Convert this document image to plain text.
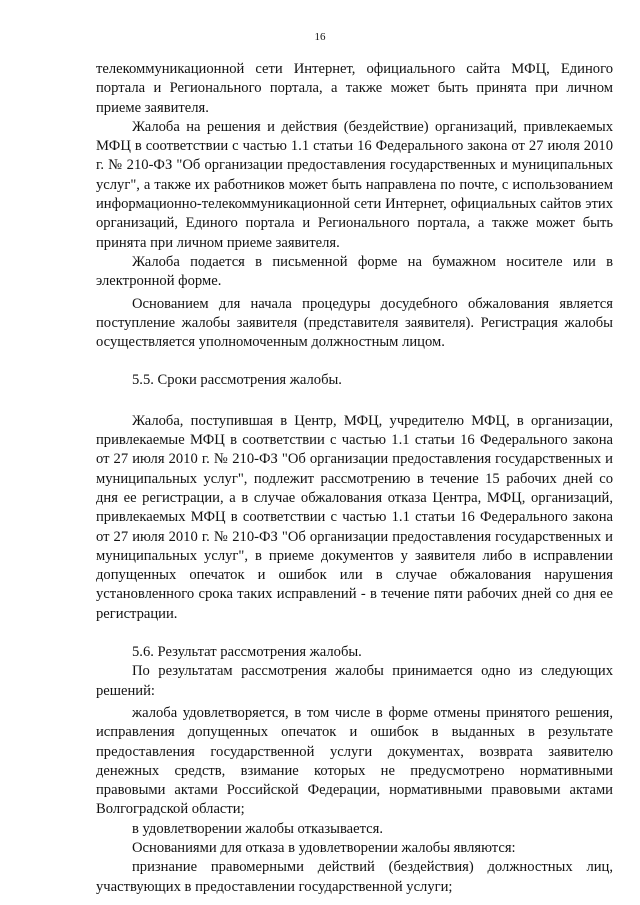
16

телекоммуникационной сети Интернет, официального сайта МФЦ, Единого портала и Регионального портала, а также может быть принята при личном приеме заявителя.

Жалоба на решения и действия (бездействие) организаций, привлекаемых МФЦ в соответствии с частью 1.1 статьи 16 Федерального закона от 27 июля 2010 г. № 210-ФЗ "Об организации предоставления государственных и муниципальных услуг", а также их работников может быть направлена по почте, с использованием информационно-телекоммуникационной сети Интернет, официальных сайтов этих организаций, Единого портала и Регионального портала, а также может быть принята при личном приеме заявителя.

Жалоба подается в письменной форме на бумажном носителе или в электронной форме.

Основанием для начала процедуры досудебного обжалования является поступление жалобы заявителя (представителя заявителя). Регистрация жалобы осуществляется уполномоченным должностным лицом.

5.5. Сроки рассмотрения жалобы.

Жалоба, поступившая в Центр, МФЦ, учредителю МФЦ, в организации, привлекаемые МФЦ в соответствии с частью 1.1 статьи 16 Федерального закона от 27 июля 2010 г. № 210-ФЗ "Об организации предоставления государственных и муниципальных услуг", подлежит рассмотрению в течение 15 рабочих дней со дня ее регистрации, а в случае обжалования отказа Центра, МФЦ, организаций, привлекаемых МФЦ в соответствии с частью 1.1 статьи 16 Федерального закона от 27 июля 2010 г. № 210-ФЗ "Об организации предоставления государственных и муниципальных услуг", в приеме документов у заявителя либо в исправлении допущенных опечаток и ошибок или в случае обжалования нарушения установленного срока таких исправлений - в течение пяти рабочих дней со дня ее регистрации.

5.6. Результат рассмотрения жалобы.

По результатам рассмотрения жалобы принимается одно из следующих решений:

жалоба удовлетворяется, в том числе в форме отмены принятого решения, исправления допущенных опечаток и ошибок в выданных в результате предоставления государственной услуги документах, возврата заявителю денежных средств, взимание которых не предусмотрено нормативными правовыми актами Российской Федерации, нормативными правовыми актами Волгоградской области;

в удовлетворении жалобы отказывается.

Основаниями для отказа в удовлетворении жалобы являются:

признание правомерными действий (бездействия) должностных лиц, участвующих в предоставлении государственной услуги;
